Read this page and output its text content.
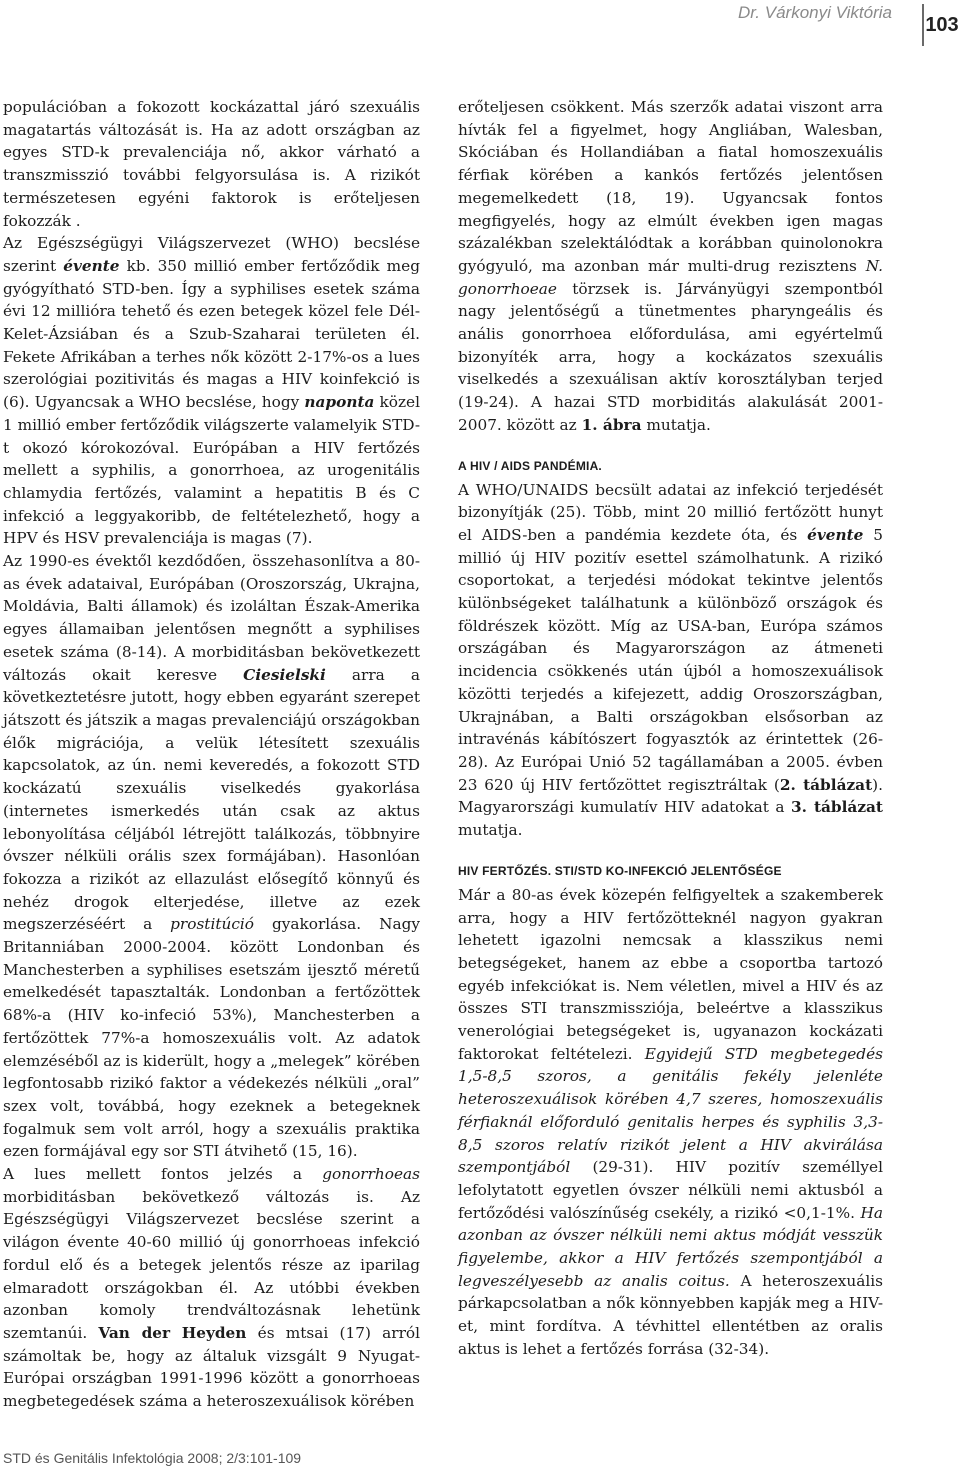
Dr. Várkonyi Viktória
103

populációban a fokozott kockázattal járó szexuális magatartás változását is. Ha az adott országban az egyes STD-k prevalenciája nő, akkor várható a transzmisszió további felgyorsulása is. A rizikót természetesen egyéni faktorok is erőteljesen fokozzák .

Az Egészségügyi Világszervezet (WHO) becslése szerint évente kb. 350 millió ember fertőződik meg gyógyítható STD-ben. Így a syphilises esetek száma évi 12 millióra tehető és ezen betegek közel fele Dél-Kelet-Ázsiában és a Szub-Szaharai területen él. Fekete Afrikában a terhes nők között 2-17%-os a lues szerológiai pozitivitás és magas a HIV koinfekció is (6). Ugyancsak a WHO becslése, hogy naponta közel 1 millió ember fertőződik világszerte valamelyik STD-t okozó kórokozóval. Európában a HIV fertőzés mellett a syphilis, a gonorrhoea, az urogenitális chlamydia fertőzés, valamint a hepatitis B és C infekció a leggyakoribb, de feltételezhető, hogy a HPV és HSV prevalenciája is magas (7).

Az 1990-es évektől kezdődően, összehasonlítva a 80-as évek adataival, Európában (Oroszország, Ukrajna, Moldávia, Balti államok) és izoláltan Észak-Amerika egyes államaiban jelentősen megnőtt a syphilises esetek száma (8-14). A morbiditásban bekövetkezett változás okait keresve Ciesielski arra a következtetésre jutott, hogy ebben egyaránt szerepet játszott és játszik a magas prevalenciájú országokban élők migrációja, a velük létesített szexuális kapcsolatok, az ún. nemi keveredés, a fokozott STD kockázatú szexuális viselkedés gyakorlása (internetes ismerkedés után csak az aktus lebonyolítása céljából létrejött találkozás, többnyire óvszer nélküli orális szex formájában). Hasonlóan fokozza a rizikót az ellazulást elősegítő könnyű és nehéz drogok elterjedése, illetve az ezek megszerzéséért a prostitúció gyakorlása. Nagy Britanniában 2000-2004. között Londonban és Manchesterben a syphilises esetszám ijesztő méretű emelkedését tapasztalták. Londonban a fertőzöttek 68%-a (HIV ko-infeció 53%), Manchesterben a fertőzöttek 77%-a homoszexuális volt. Az adatok elemzéséből az is kiderült, hogy a „melegek” körében legfontosabb rizikó faktor a védekezés nélküli „oral” szex volt, továbbá, hogy ezeknek a betegeknek fogalmuk sem volt arról, hogy a szexuális praktika ezen formájával egy sor STI átvihető (15, 16).

A lues mellett fontos jelzés a gonorrhoeas morbiditásban bekövetkező változás is. Az Egészségügyi Világszervezet becslése szerint a világon évente 40-60 millió új gonorrhoeas infekció fordul elő és a betegek jelentős része az iparilag elmaradott országokban él. Az utóbbi években azonban komoly trendváltozásnak lehetünk szemtanúi. Van der Heyden és mtsai (17) arról számoltak be, hogy az általuk vizsgált 9 Nyugat-Európai országban 1991-1996 között a gonorrhoeas megbetegedések száma a heteroszexuálisok körében

erőteljesen csökkent. Más szerzők adatai viszont arra hívták fel a figyelmet, hogy Angliában, Walesban, Skóciában és Hollandiában a fiatal homoszexuális férfiak körében a kankós fertőzés jelentősen megemelkedett (18, 19). Ugyancsak fontos megfigyelés, hogy az elmúlt években igen magas százalékban szelektálódtak a korábban quinolonokra gyógyuló, ma azonban már multi-drug rezisztens N. gonorrhoeae törzsek is. Járványügyi szempontból nagy jelentőségű a tünetmentes pharyngeális és anális gonorrhoea előfordulása, ami egyértelmű bizonyíték arra, hogy a kockázatos szexuális viselkedés a szexuálisan aktív korosztályban terjed (19-24). A hazai STD morbiditás alakulását 2001-2007. között az 1. ábra mutatja.

A HIV / AIDS PANDÉMIA.

A WHO/UNAIDS becsült adatai az infekció terjedését bizonyítják (25). Több, mint 20 millió fertőzött hunyt el AIDS-ben a pandémia kezdete óta, és évente 5 millió új HIV pozitív esettel számolhatunk. A rizikó csoportokat, a terjedési módokat tekintve jelentős különbségeket találhatunk a különböző országok és földrészek között. Míg az USA-ban, Európa számos országában és Magyarországon az átmeneti incidencia csökkenés után újból a homoszexuálisok közötti terjedés a kifejezett, addig Oroszországban, Ukrajnában, a Balti országokban elsősorban az intravénás kábítószert fogyasztók az érintettek (26-28). Az Európai Unió 52 tagállamában a 2005. évben 23 620 új HIV fertőzöttet regisztráltak (2. táblázat). Magyarországi kumulatív HIV adatokat a 3. táblázat mutatja.

HIV FERTŐZÉS. STI/STD KO-INFEKCIÓ JELENTŐSÉGE

Már a 80-as évek közepén felfigyeltek a szakemberek arra, hogy a HIV fertőzötteknél nagyon gyakran lehetett igazolni nemcsak a klasszikus nemi betegségeket, hanem az ebbe a csoportba tartozó egyéb infekciókat is. Nem véletlen, mivel a HIV és az összes STI transzmissziója, beleértve a klasszikus venerológiai betegségeket is, ugyanazon kockázati faktorokat feltételezi. Egyidejű STD megbetegedés 1,5-8,5 szoros, a genitális fekély jelenléte heteroszexuálisok körében 4,7 szeres, homoszexuális férfiaknál előforduló genitalis herpes és syphilis 3,3-8,5 szoros relatív rizikót jelent a HIV akvirálása szempontjából (29-31). HIV pozitív személlyel lefolytatott egyetlen óvszer nélküli nemi aktusból a fertőződési valószínűség csekély, a rizikó <0,1-1%. Ha azonban az óvszer nélküli nemi aktus módját vesszük figyelembe, akkor a HIV fertőzés szempontjából a legveszélyesebb az analis coitus. A heteroszexuális párkapcsolatban a nők könnyebben kapják meg a HIV-et, mint fordítva. A tévhittel ellentétben az oralis aktus is lehet a fertőzés forrása (32-34).

STD és Genitális Infektológia 2008; 2/3:101-109
